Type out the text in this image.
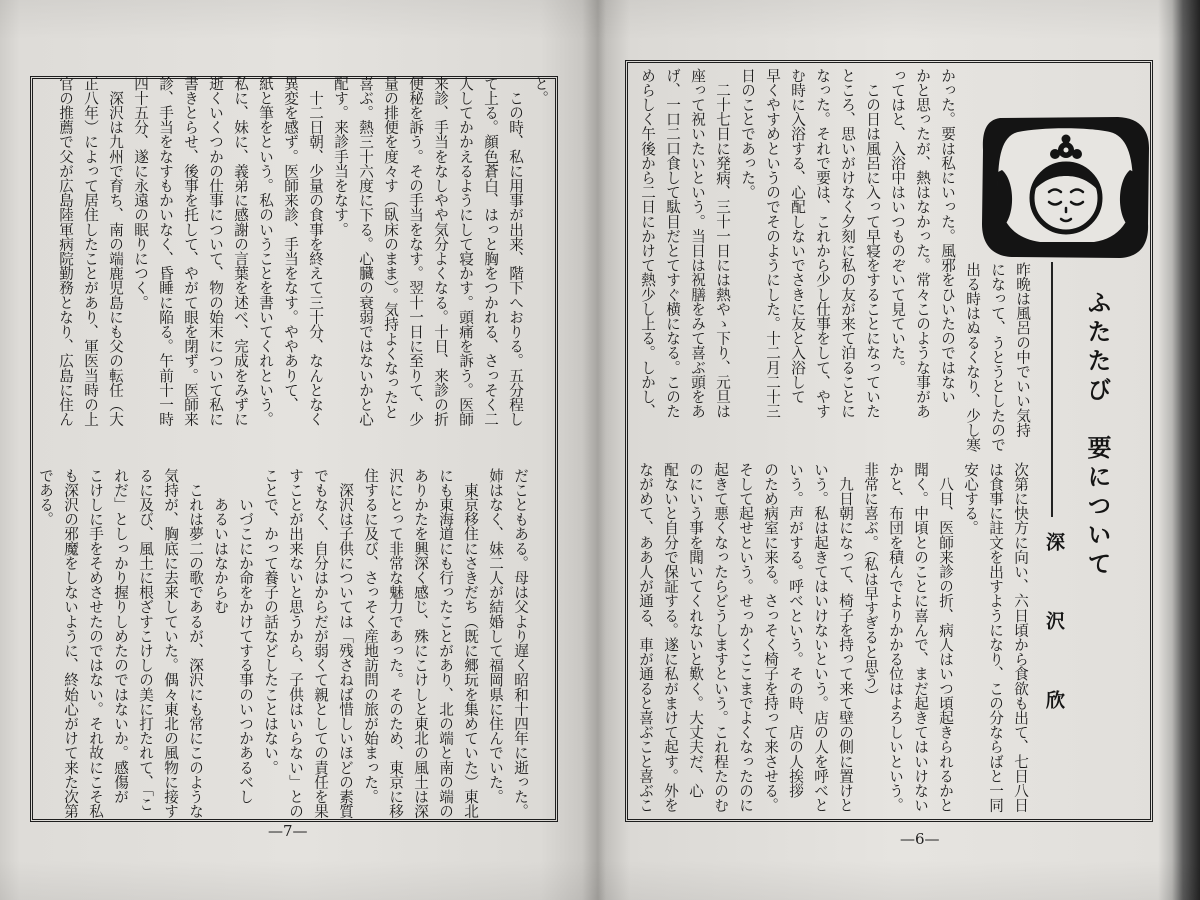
と。
　この時、私に用事が出来、階下へおりる。五分程し
て上る。顔色蒼白、はっと胸をつかれる、さっそく二
人してかかえるようにして寝かす。頭痛を訴う。医師
来診、手当をなしやや気分よくなる。十日、来診の折
便秘を訴う。その手当をなす。翌十一日に至りて、少
量の排便を度々す（臥床のまま）。気持よくなったと
喜ぶ。熱三十六度に下る。心臓の衰弱ではないかと心
配す。来診手当をなす。
　十二日朝、少量の食事を終えて三十分、なんとなく
異変を感ず。医師来診、手当をなす。ややありて、
紙と筆をという。私のいうことを書いてくれという。
私に、妹に、義弟に感謝の言葉を述べ、完成をみずに
逝くいくつかの仕事について、物の始末について私に
書きとらせ、後事を托して、やがて眼を閉ず。医師来
診、手当をなすもかいなく、昏睡に陥る。午前十一時
四十五分、遂に永遠の眠りにつく。
　深沢は九州で育ち、南の端鹿児島にも父の転任（大
正八年）によって居住したことがあり、軍医当時の上
官の推薦で父が広島陸軍病院勤務となり、広島に住ん
だこともある。母は父より遅く昭和十四年に逝った。
姉はなく、妹二人が結婚して福岡県に住んでいた。
　東京移住にさきだち（既に郷玩を集めていた）東北
にも東海道にも行ったことがあり、北の端と南の端の
ありかたを興深く感じ、殊にこけしと東北の風土は深
沢にとって非常な魅力であった。そのため、東京に移
住するに及び、さっそく産地訪問の旅が始まった。
　深沢は子供については「残さねば惜しいほどの素質
でもなく、自分はからだが弱くて親としての責任を果
すことが出来ないと思うから、子供はいらない」との
ことで、かって養子の話などしたことはない。
　　いづこにか命をかけてする事のいつかあるべし
　　あるいはなからむ
　これは夢二の歌であるが、深沢にも常にこのような
気持が、胸底に去来していた。偶々東北の風物に接す
るに及び、風土に根ざすこけしの美に打たれて、「こ
れだ」としっかり握りしめたのではないか。感傷が
こけしに手をそめさせたのではない。それ故にこそ私
も深沢の邪魔をしないように、終始心がけて来た次第
である。
—7—
ふたたび　要について
深沢欣
昨晩は風呂の中でいい気持
になって、うとうとしたので
出る時はぬるくなり、少し寒
かった。要は私にいった。風邪をひいたのではない
かと思ったが、熱はなかった。常々このような事があ
ってはと、入浴中はいつものぞいて見ていた。
　この日は風呂に入って早寝をすることになっていた
ところ、思いがけなく夕刻に私の友が来て泊ることに
なった。それで要は、これから少し仕事をして、やす
む時に入浴する、心配しないでさきに友と入浴して
早くやすめというのでそのようにした。十二月二十三
日のことであった。
　二十七日に発病、三十一日には熱やゝ下り、元旦は
座って祝いたいという。当日は祝膳をみて喜ぶ頭をあ
げ、一口二口食して駄目だとてすぐ横になる。このた
めらしく午後から二日にかけて熱少し上る。しかし、
次第に快方に向い、六日頃から食欲も出て、七日八日
は食事に註文を出すようになり、この分ならばと一同
安心する。
　八日、医師来診の折、病人はいつ頃起きられるかと
聞く。中頃とのことに喜んで、まだ起きてはいけない
かと、布団を積んでよりかかる位はよろしいという。
非常に喜ぶ。（私は早すぎると思う）
　九日朝になって、椅子を持って来て壁の側に置けと
いう。私は起きてはいけないという。店の人を呼べと
いう。声がする。呼べという。その時、店の人挨拶
のため病室に来る。さっそく椅子を持って来させる。
そして起せという。せっかくここまでよくなったのに
起きて悪くなったらどうしますという。これ程たのむ
のにいう事を聞いてくれないと歎く。大丈夫だ、心
配ないと自分で保証する。遂に私がまけて起す。外を
ながめて、ああ人が通る、車が通ると喜ぶこと喜ぶこ
—6—
